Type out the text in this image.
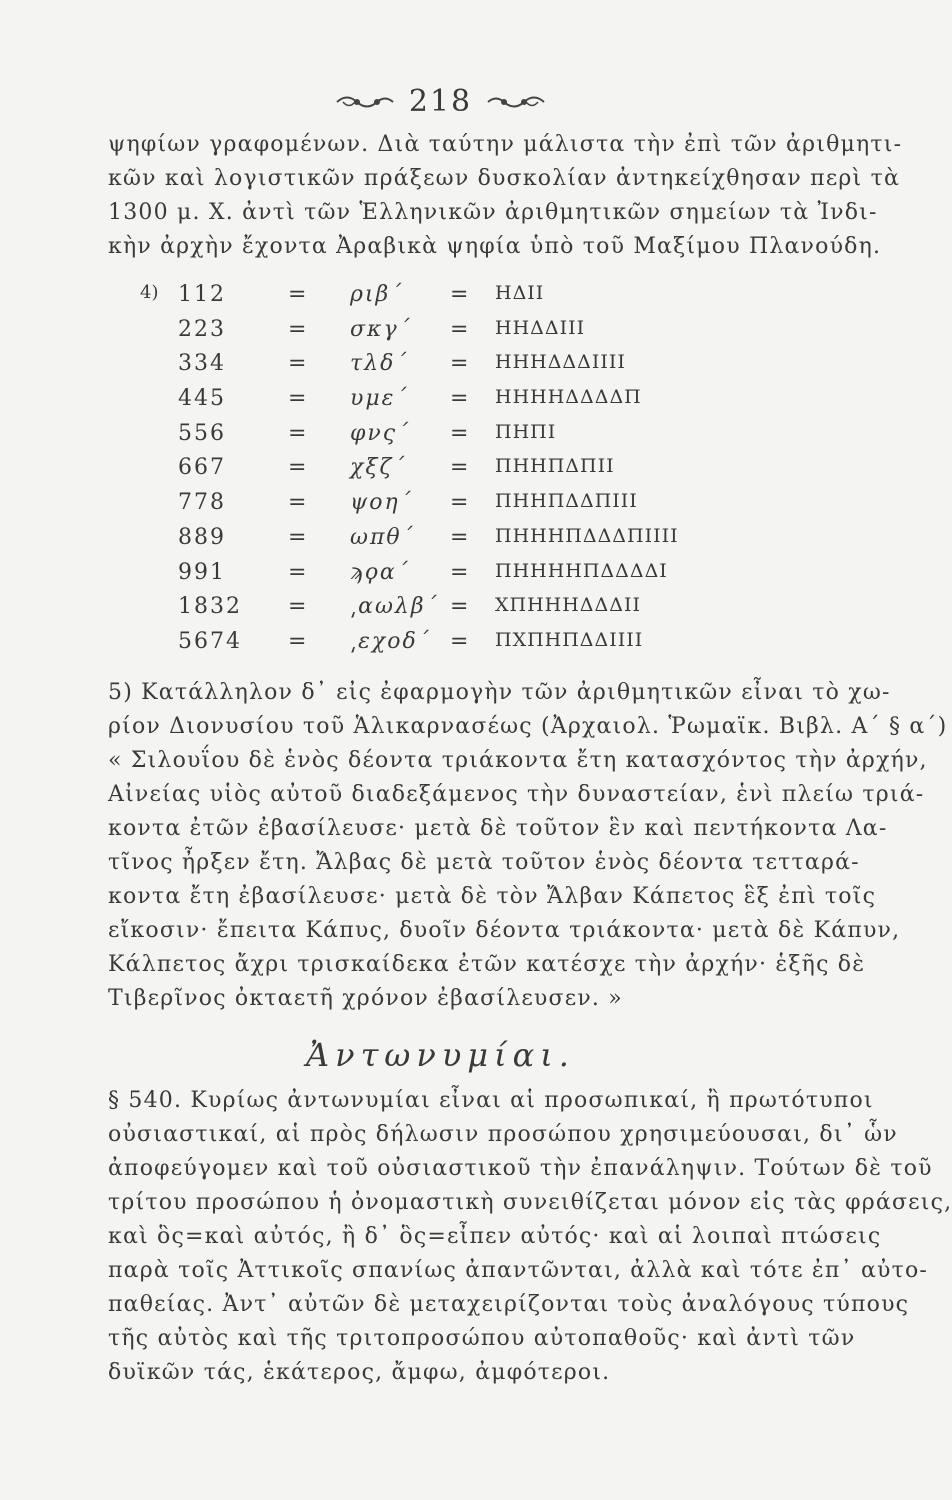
218
ψηφίων γραφομένων. Διὰ ταύτην μάλιστα τὴν ἐπὶ τῶν ἀριθμητι-
κῶν καὶ λογιστικῶν πράξεων δυσκολίαν ἀντηκείχθησαν περὶ τὰ
1300 μ. Χ. ἀντὶ τῶν Ἑλληνικῶν ἀριθμητικῶν σημείων τὰ Ἰνδι-
κὴν ἀρχὴν ἔχοντα Ἀραβικὰ ψηφία ὑπὸ τοῦ Μαξίμου Πλανούδη.
4) 112	= ριβ΄ = ΗΔΙΙ
223	= σκγ΄ = ΗΗΔΔΙΙΙ
334	= τλδ΄ = ΗΗΗΔΔΔΙΙΙΙ
445	= υμε΄ = ΗΗΗΗΔΔΔΔΠ
556	= φνς΄ = ΠΗΠΙ
667	= χξζ΄ = ΠΗΗΠΔΠΙΙ
778	= ψοη΄ = ΠΗΗΠΔΔΠΙΙΙ
889	= ωπθ΄ = ΠΗΗΗΠΔΔΔΠΙΙΙΙ
991	= ϡϙα΄ = ΠΗΗΗΗΠΔΔΔΔΙ
1832 = ͵αωλβ΄ = ΧΠΗΗΗΔΔΔΙΙ
5674 = ͵εχοδ΄ = ΠΧΠΗΠΔΔΙΙΙΙ
5) Κατάλληλον δ᾽ εἰς ἐφαρμογὴν τῶν ἀριθμητικῶν εἶναι τὸ χω-
ρίον Διονυσίου τοῦ Ἁλικαρνασέως (Ἀρχαιολ. Ῥωμαϊκ. Βιβλ. Α΄ § α΄)
« Σιλουΐου δὲ ἑνὸς δέοντα τριάκοντα ἔτη κατασχόντος τὴν ἀρχήν,
Αἰνείας υἱὸς αὐτοῦ διαδεξάμενος τὴν δυναστείαν, ἑνὶ πλείω τριά-
κοντα ἐτῶν ἐβασίλευσε· μετὰ δὲ τοῦτον ἓν καὶ πεντήκοντα Λα-
τῖνος ἦρξεν ἔτη. Ἄλβας δὲ μετὰ τοῦτον ἑνὸς δέοντα τετταρά-
κοντα ἔτη ἐβασίλευσε· μετὰ δὲ τὸν Ἄλβαν Κάπετος ἓξ ἐπὶ τοῖς
εἴκοσιν· ἔπειτα Κάπυς, δυοῖν δέοντα τριάκοντα· μετὰ δὲ Κάπυν,
Κάλπετος ἄχρι τρισκαίδεκα ἐτῶν κατέσχε τὴν ἀρχήν· ἑξῆς δὲ
Τιβερῖνος ὀκταετῆ χρόνον ἐβασίλευσεν. »
Ἀντωνυμίαι.
§ 540. Κυρίως ἀντωνυμίαι εἶναι αἱ προσωπικαί, ἢ πρωτότυποι
οὐσιαστικαί, αἱ πρὸς δήλωσιν προσώπου χρησιμεύουσαι, δι᾽ ὧν
ἀποφεύγομεν καὶ τοῦ οὐσιαστικοῦ τὴν ἐπανάληψιν. Τούτων δὲ τοῦ
τρίτου προσώπου ἡ ὀνομαστικὴ συνειθίζεται μόνον εἰς τὰς φράσεις,
καὶ ὃς=καὶ αὐτός, ἢ δ᾽ ὃς=εἶπεν αὐτός· καὶ αἱ λοιπαὶ πτώσεις
παρὰ τοῖς Ἀττικοῖς σπανίως ἀπαντῶνται, ἀλλὰ καὶ τότε ἐπ᾽ αὐτο-
παθείας. Ἀντ᾽ αὐτῶν δὲ μεταχειρίζονται τοὺς ἀναλόγους τύπους
τῆς αὐτὸς καὶ τῆς τριτοπροσώπου αὐτοπαθοῦς· καὶ ἀντὶ τῶν
δυϊκῶν τάς, ἑκάτερος, ἄμφω, ἀμφότεροι.
